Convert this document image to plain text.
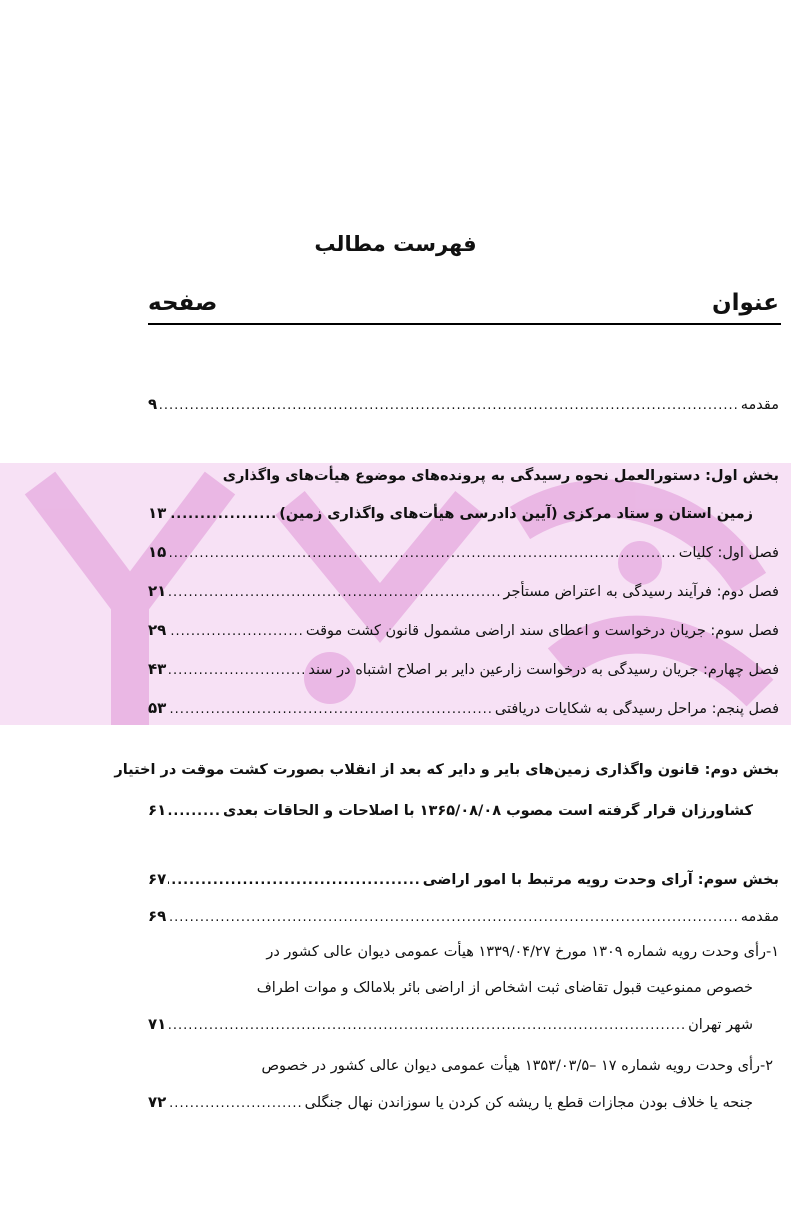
فهرست مطالب
عنوان
صفحه
مقدمه
.....
۹
بخش اول: دستورالعمل نحوه رسیدگی به پرونده‌های موضوع هیأت‌های واگذاری
زمین استان و ستاد مرکزی (آیین دادرسی هیأت‌های واگذاری زمین)
.....
۱۳
فصل اول: کلیات
.....
۱۵
فصل دوم: فرآیند رسیدگی به اعتراض مستأجر
.....
۲۱
فصل سوم: جریان درخواست و اعطای سند اراضی مشمول قانون کشت موقت
.....
۲۹
فصل چهارم: جریان رسیدگی به درخواست زارعین دایر بر اصلاح اشتباه در سند
.....
۴۳
فصل پنجم: مراحل رسیدگی به شکایات دریافتی
.....
۵۳
بخش دوم: قانون واگذاری زمین‌های بایر و دایر که بعد از انقلاب بصورت کشت موقت در اختیار
کشاورزان قرار گرفته است مصوب ۱۳۶۵/۰۸/۰۸ با اصلاحات و الحاقات بعدی
.....
۶۱
بخش سوم: آرای وحدت رویه مرتبط با امور اراضی
.....
۶۷
مقدمه
.....
۶۹
۱-رأی وحدت رویه شماره ۱۳۰۹ مورخ ۱۳۳۹/۰۴/۲۷ هیأت عمومی دیوان عالی کشور در
خصوص ممنوعیت قبول تقاضای ثبت اشخاص از اراضی بائر بلامالک و موات اطراف
شهر تهران
.....
۷۱
۲-رأی وحدت رویه شماره ۱۷ –۱۳۵۳/۰۳/۵ هیأت عمومی دیوان عالی کشور در خصوص
جنحه یا خلاف بودن مجازات قطع یا ریشه کن کردن یا سوزاندن نهال جنگلی
.....
۷۲
